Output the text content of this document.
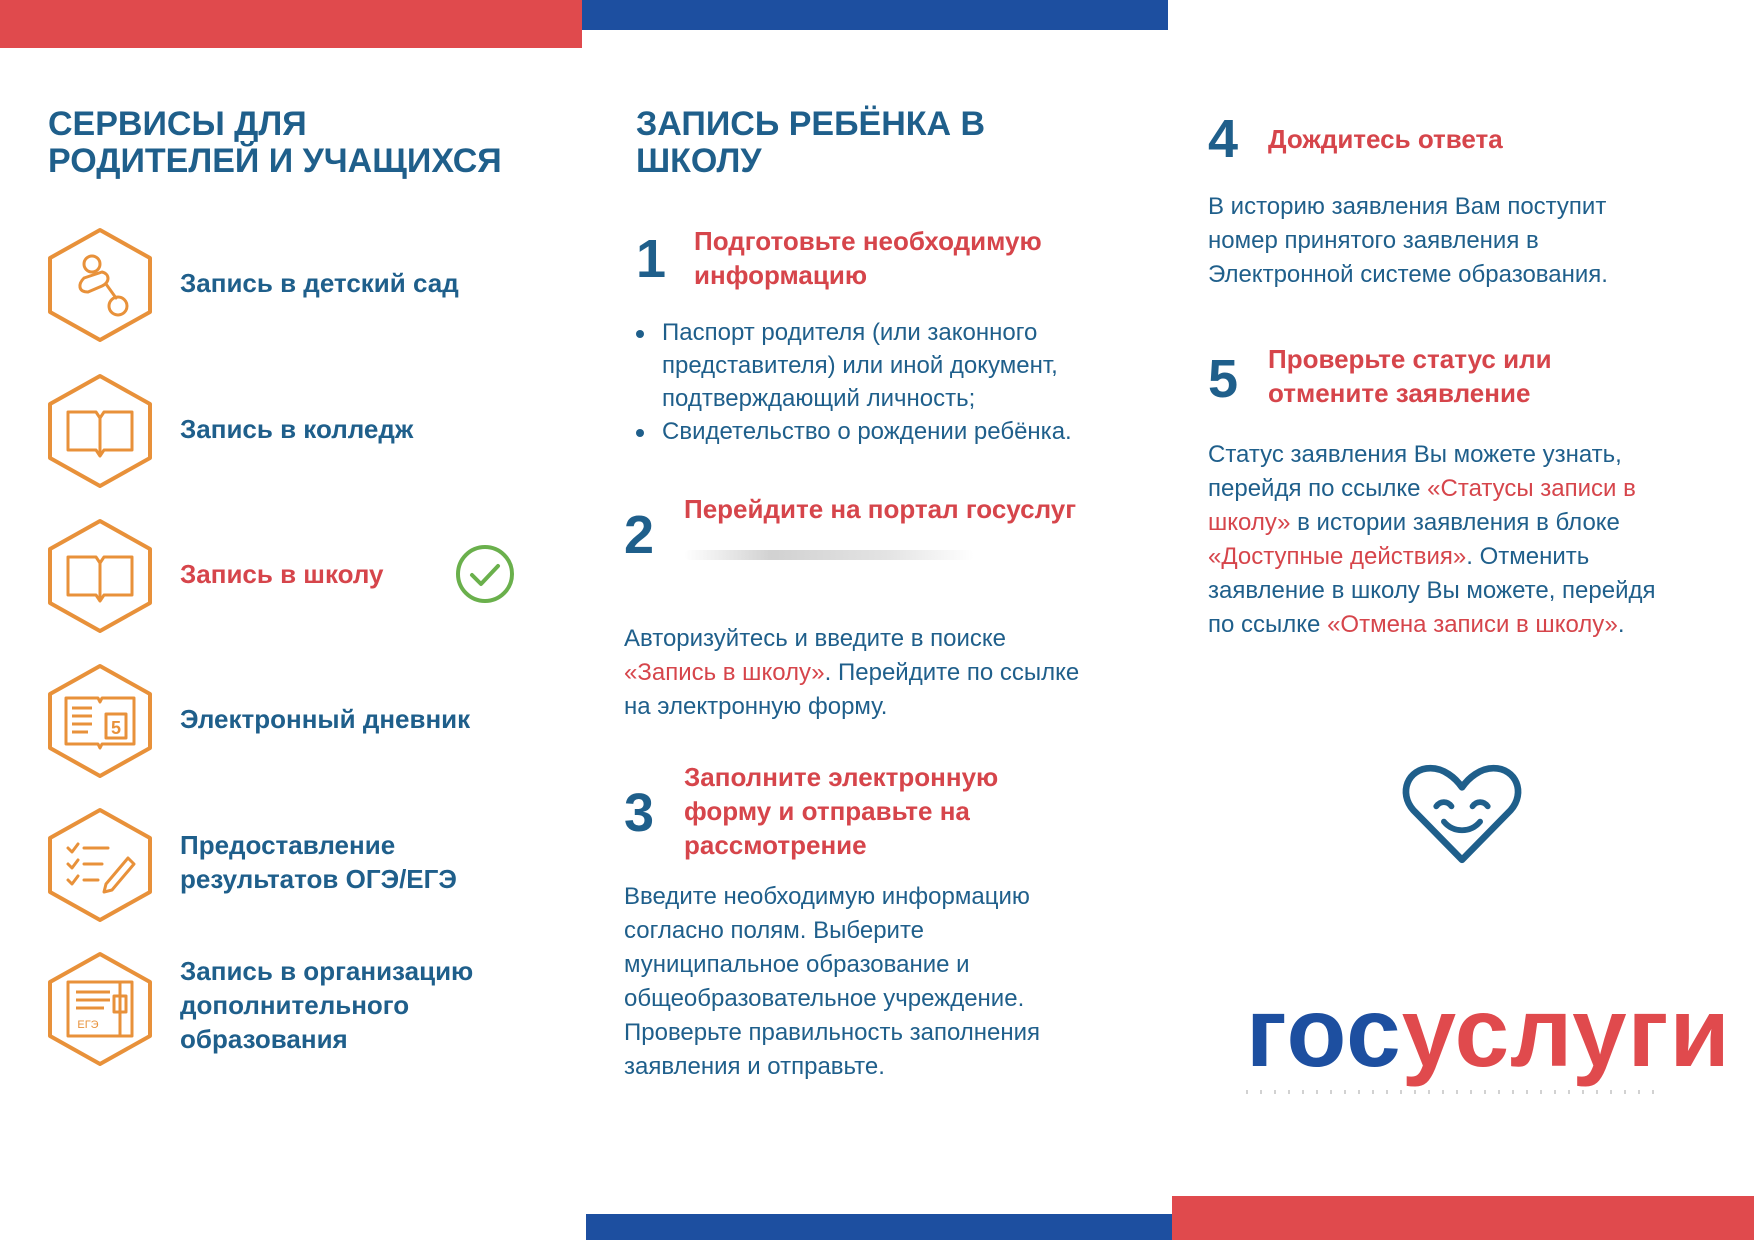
СЕРВИСЫ ДЛЯ
РОДИТЕЛЕЙ И УЧАЩИХСЯ
Запись в детский сад
Запись в колледж
Запись в школу
5 Электронный дневник
Предоставление
результатов ОГЭ/ЕГЭ
ЕГЭ
Запись в организацию
дополнительного
образования
ЗАПИСЬ РЕБЁНКА В
ШКОЛУ
1 Подготовьте необходимую
информацию
Паспорт родителя (или законного
представителя) или иной документ,
подтверждающий личность;
Свидетельство о рождении ребёнка.
2 Перейдите на портал госуслуг
Авторизуйтесь и введите в поиске
«Запись в школу». Перейдите по ссылке
на электронную форму.
3
Заполните электронную
форму и отправьте на
рассмотрение
Введите необходимую информацию
согласно полям. Выберите
муниципальное образование и
общеобразовательное учреждение.
Проверьте правильность заполнения
заявления и отправьте.
4 Дождитесь ответа
В историю заявления Вам поступит
номер принятого заявления в
Электронной системе образования.
5 Проверьте статус или
отмените заявление
Статус заявления Вы можете узнать,
перейдя по ссылке «Статусы записи в
школу» в истории заявления в блоке
«Доступные действия». Отменить
заявление в школу Вы можете, перейдя
по ссылке «Отмена записи в школу».
госуслуги
